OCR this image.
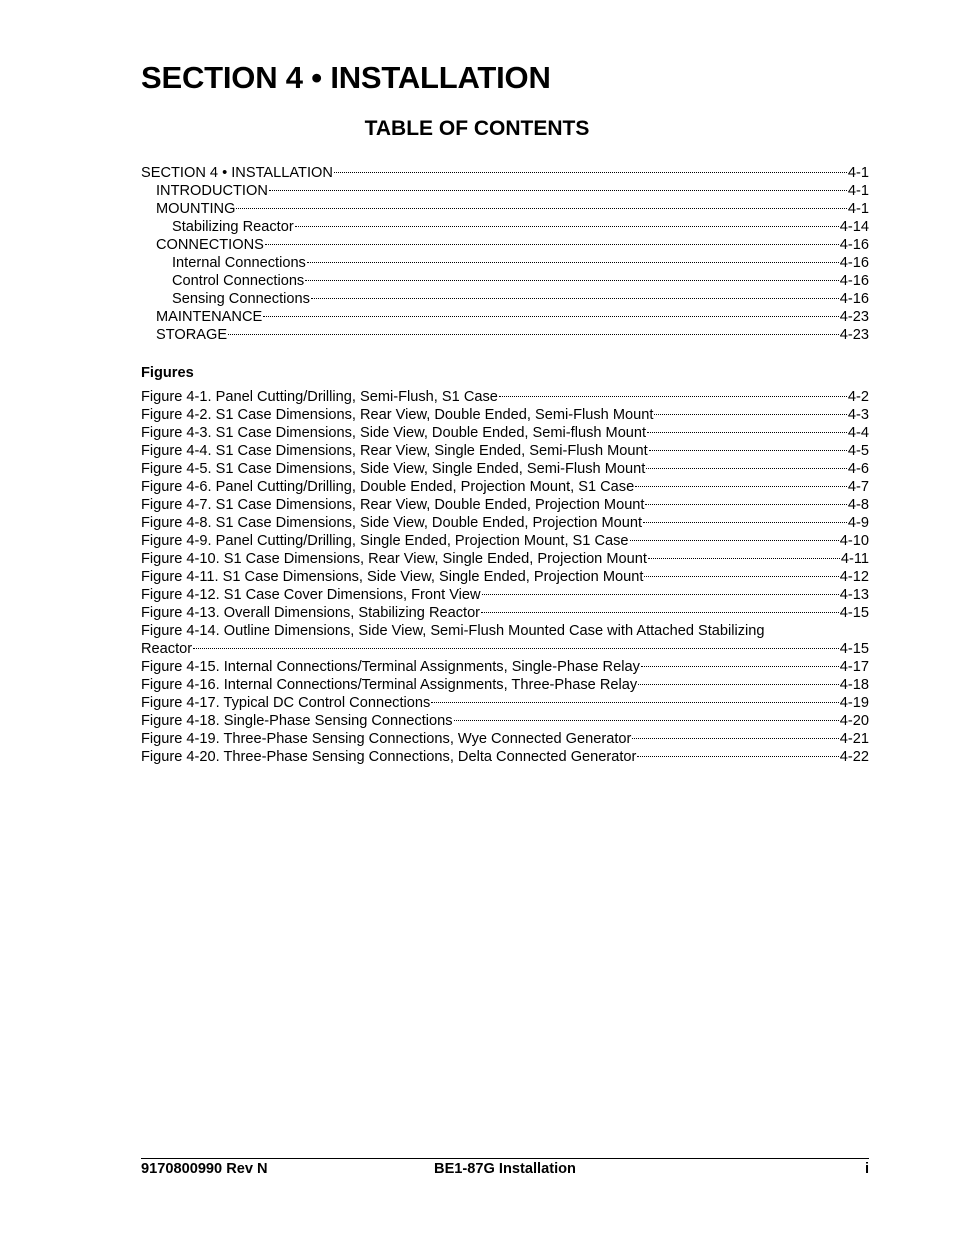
SECTION 4 • INSTALLATION
TABLE OF CONTENTS
SECTION 4 • INSTALLATION	4-1
INTRODUCTION	4-1
MOUNTING	4-1
Stabilizing Reactor	4-14
CONNECTIONS	4-16
Internal Connections	4-16
Control Connections	4-16
Sensing Connections	4-16
MAINTENANCE	4-23
STORAGE	4-23
Figures
Figure 4-1. Panel Cutting/Drilling, Semi-Flush, S1 Case	4-2
Figure 4-2. S1 Case Dimensions, Rear View, Double Ended, Semi-Flush Mount	4-3
Figure 4-3. S1 Case Dimensions, Side View, Double Ended, Semi-flush Mount	4-4
Figure 4-4. S1 Case Dimensions, Rear View, Single Ended, Semi-Flush Mount	4-5
Figure 4-5. S1 Case Dimensions, Side View, Single Ended, Semi-Flush Mount	4-6
Figure 4-6. Panel Cutting/Drilling, Double Ended, Projection Mount, S1 Case	4-7
Figure 4-7. S1 Case Dimensions, Rear View, Double Ended, Projection Mount	4-8
Figure 4-8. S1 Case Dimensions, Side View, Double Ended, Projection Mount	4-9
Figure 4-9. Panel Cutting/Drilling, Single Ended, Projection Mount, S1 Case	4-10
Figure 4-10. S1 Case Dimensions, Rear View, Single Ended, Projection Mount	4-11
Figure 4-11. S1 Case Dimensions, Side View, Single Ended, Projection Mount	4-12
Figure 4-12. S1 Case Cover Dimensions, Front View	4-13
Figure 4-13. Overall Dimensions, Stabilizing Reactor	4-15
Figure 4-14. Outline Dimensions, Side View, Semi-Flush Mounted Case with Attached Stabilizing
Reactor	4-15
Figure 4-15. Internal Connections/Terminal Assignments, Single-Phase Relay	4-17
Figure 4-16. Internal Connections/Terminal Assignments, Three-Phase Relay	4-18
Figure 4-17. Typical DC Control Connections	4-19
Figure 4-18. Single-Phase Sensing Connections	4-20
Figure 4-19. Three-Phase Sensing Connections, Wye Connected Generator	4-21
Figure 4-20. Three-Phase Sensing Connections, Delta Connected Generator	4-22
9170800990 Rev N	BE1-87G Installation	i
